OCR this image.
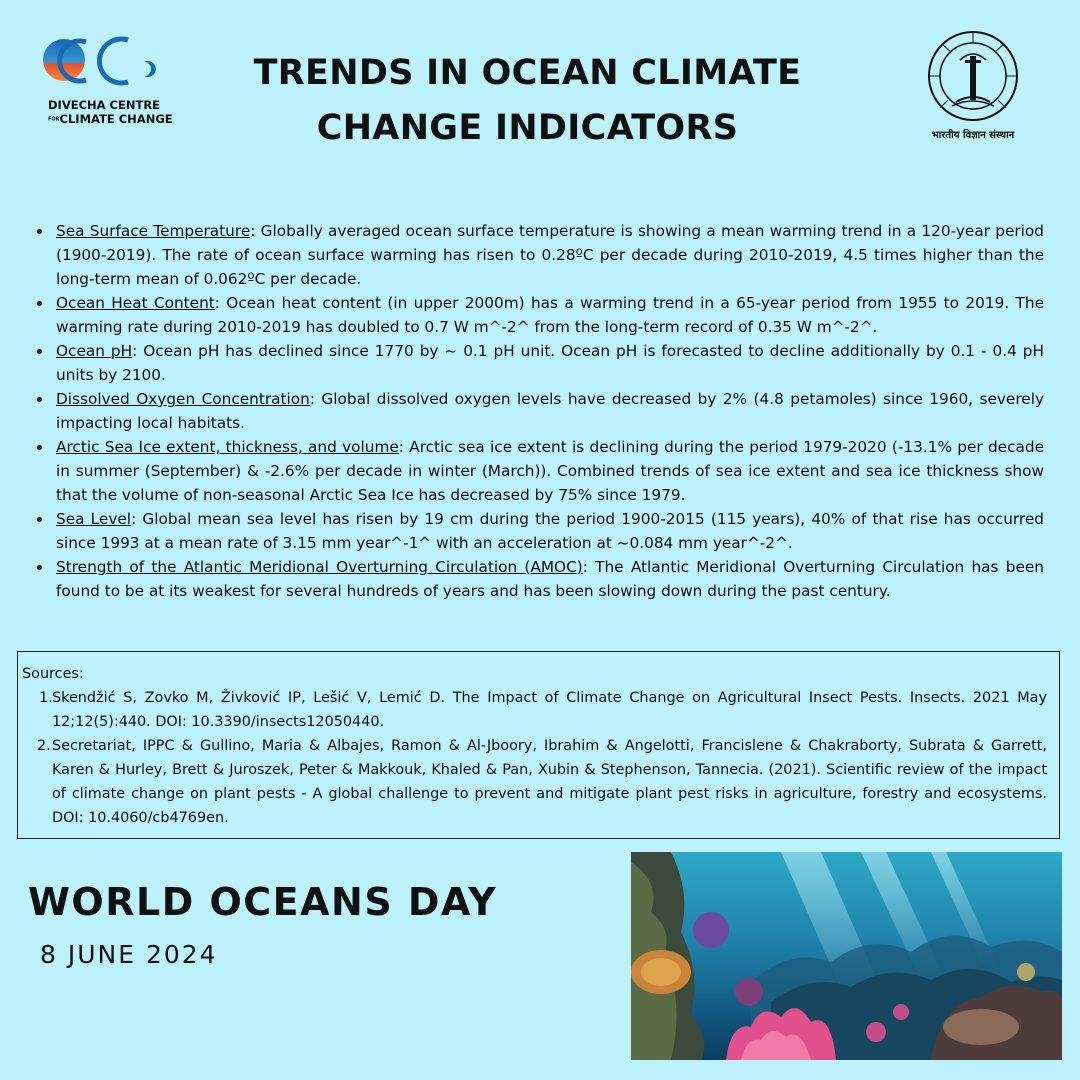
DIVECHA CENTRE
FORCLIMATE CHANGE
TRENDS IN OCEAN CLIMATE CHANGE INDICATORS	भारतीय विज्ञान संस्थान
Sea Surface Temperature: Globally averaged ocean surface temperature is showing a mean warming trend in a 120-year period (1900-2019). The rate of ocean surface warming has risen to 0.28ºC per decade during 2010-2019, 4.5 times higher than the long-term mean of 0.062ºC per decade.
Ocean Heat Content: Ocean heat content (in upper 2000m) has a warming trend in a 65-year period from 1955 to 2019. The warming rate during 2010-2019 has doubled to 0.7 W m^-2^ from the long-term record of 0.35 W m^-2^.
Ocean pH: Ocean pH has declined since 1770 by ~ 0.1 pH unit. Ocean pH is forecasted to decline additionally by 0.1 - 0.4 pH units by 2100.
Dissolved Oxygen Concentration: Global dissolved oxygen levels have decreased by 2% (4.8 petamoles) since 1960, severely impacting local habitats.
Arctic Sea Ice extent, thickness, and volume: Arctic sea ice extent is declining during the period 1979-2020 (-13.1% per decade in summer (September) & -2.6% per decade in winter (March)). Combined trends of sea ice extent and sea ice thickness show that the volume of non-seasonal Arctic Sea Ice has decreased by 75% since 1979.
Sea Level: Global mean sea level has risen by 19 cm during the period 1900-2015 (115 years), 40% of that rise has occurred since 1993 at a mean rate of 3.15 mm year^-1^ with an acceleration at ~0.084 mm year^-2^.
Strength of the Atlantic Meridional Overturning Circulation (AMOC): The Atlantic Meridional Overturning Circulation has been found to be at its weakest for several hundreds of years and has been slowing down during the past century.
Sources:
1. Skendžić S, Zovko M, Živković IP, Lešić V, Lemić D. The Impact of Climate Change on Agricultural Insect Pests. Insects. 2021 May 12;12(5):440. DOI: 10.3390/insects12050440.
2. Secretariat, IPPC & Gullino, Maria & Albajes, Ramon & Al-Jboory, Ibrahim & Angelotti, Francislene & Chakraborty, Subrata & Garrett, Karen & Hurley, Brett & Juroszek, Peter & Makkouk, Khaled & Pan, Xubin & Stephenson, Tannecia. (2021). Scientific review of the impact of climate change on plant pests - A global challenge to prevent and mitigate plant pest risks in agriculture, forestry and ecosystems. DOI: 10.4060/cb4769en.
WORLD OCEANS DAY
8 JUNE 2024
